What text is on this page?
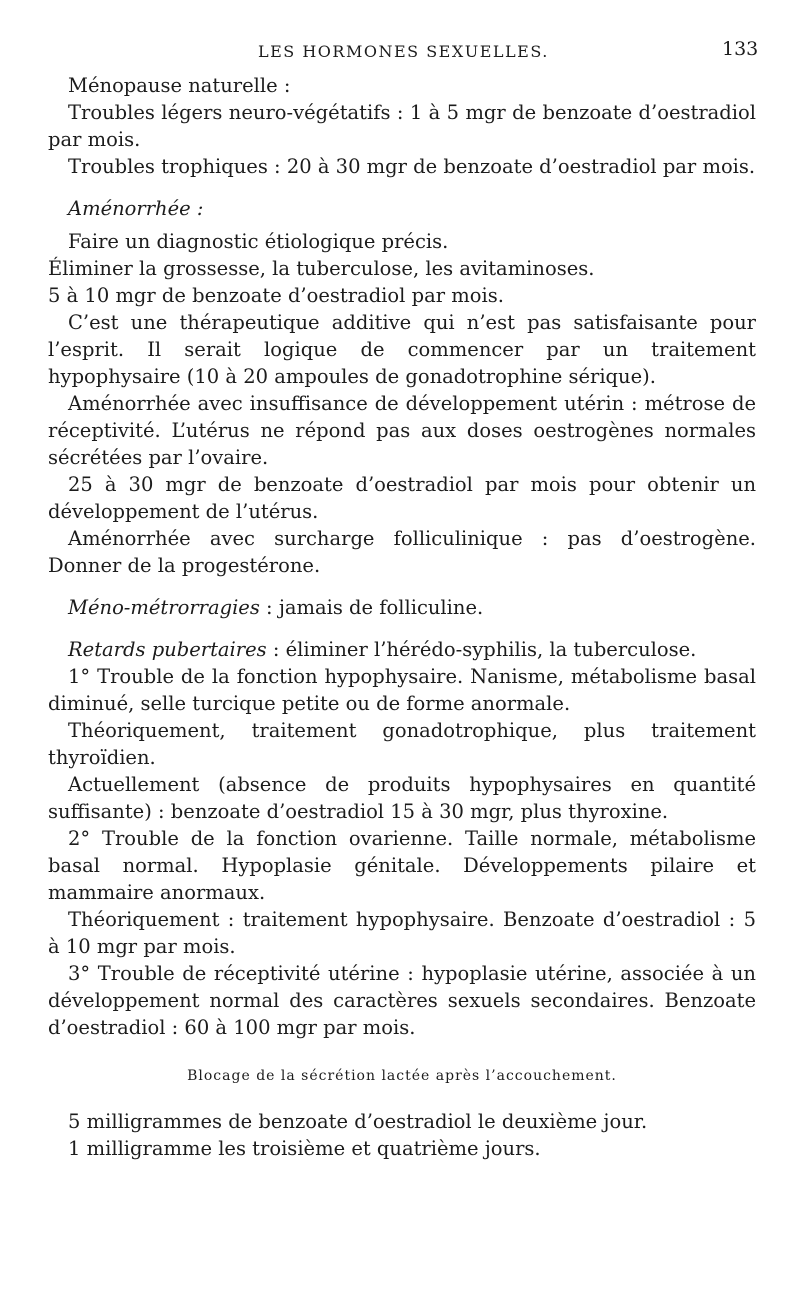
LES HORMONES SEXUELLES.	133

Ménopause naturelle :

Troubles légers neuro-végétatifs : 1 à 5 mgr de benzoate d’oestradiol par mois.

Troubles trophiques : 20 à 30 mgr de benzoate d’oestradiol par mois.

Aménorrhée :

Faire un diagnostic étiologique précis.

Éliminer la grossesse, la tuberculose, les avitaminoses.

5 à 10 mgr de benzoate d’oestradiol par mois.

C’est une thérapeutique additive qui n’est pas satisfaisante pour l’esprit. Il serait logique de commencer par un traitement hypophysaire (10 à 20 ampoules de gonadotrophine sérique).

Aménorrhée avec insuffisance de développement utérin : métrose de réceptivité. L’utérus ne répond pas aux doses oestrogènes normales sécrétées par l’ovaire.

25 à 30 mgr de benzoate d’oestradiol par mois pour obtenir un développement de l’utérus.

Aménorrhée avec surcharge folliculinique : pas d’oestrogène. Donner de la progestérone.

Méno-métrorragies : jamais de folliculine.

Retards pubertaires : éliminer l’hérédo-syphilis, la tuberculose.

1° Trouble de la fonction hypophysaire. Nanisme, métabolisme basal diminué, selle turcique petite ou de forme anormale.

Théoriquement, traitement gonadotrophique, plus traitement thyroïdien.

Actuellement (absence de produits hypophysaires en quantité suffisante) : benzoate d’oestradiol 15 à 30 mgr, plus thyroxine.

2° Trouble de la fonction ovarienne. Taille normale, métabolisme basal normal. Hypoplasie génitale. Développements pilaire et mammaire anormaux.

Théoriquement : traitement hypophysaire. Benzoate d’oestradiol : 5 à 10 mgr par mois.

3° Trouble de réceptivité utérine : hypoplasie utérine, associée à un développement normal des caractères sexuels secondaires. Benzoate d’oestradiol : 60 à 100 mgr par mois.

Blocage de la sécrétion lactée après l’accouchement.

5 milligrammes de benzoate d’oestradiol le deuxième jour.

1 milligramme les troisième et quatrième jours.
